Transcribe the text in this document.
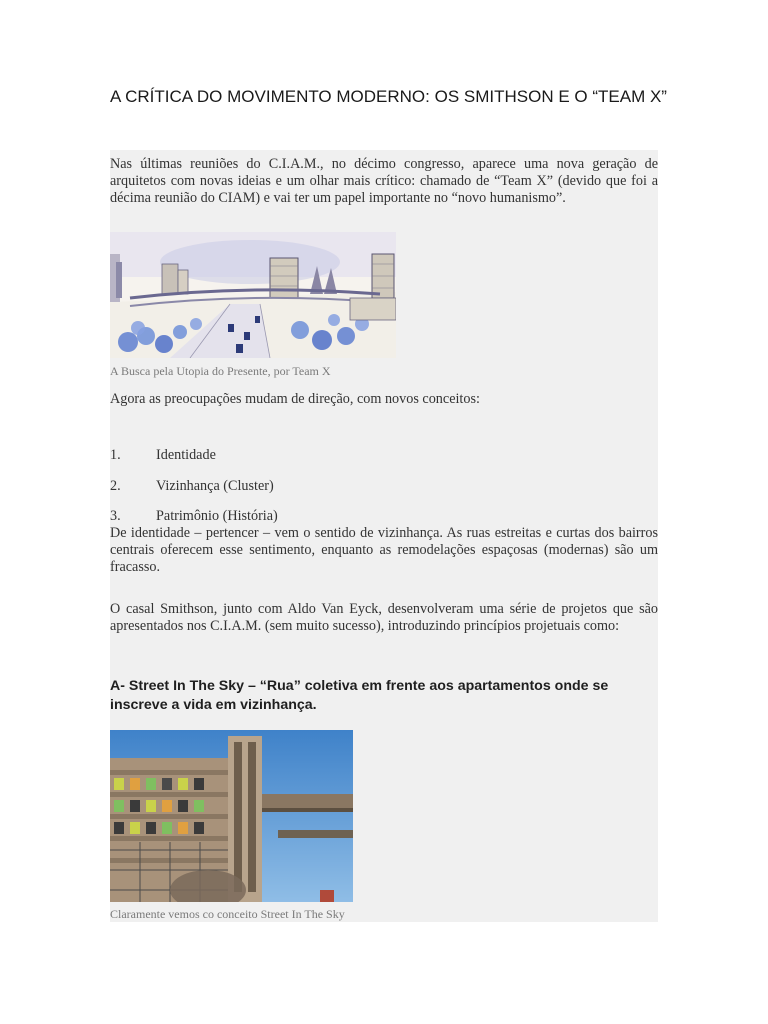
A CRÍTICA DO MOVIMENTO MODERNO: OS SMITHSON E O “TEAM X”

Nas últimas reuniões do C.I.A.M., no décimo congresso, aparece uma nova geração de arquitetos com novas ideias e um olhar mais crítico: chamado de “Team X” (devido que foi a décima reunião do CIAM) e vai ter um papel importante no “novo humanismo”.

A Busca pela Utopia do Presente, por Team X

Agora as preocupações mudam de direção, com novos conceitos:

1. Identidade
2. Vizinhança (Cluster)
3. Patrimônio (História)

De identidade – pertencer – vem o sentido de vizinhança. As ruas estreitas e curtas dos bairros centrais oferecem esse sentimento, enquanto as remodelações espaçosas (modernas) são um fracasso.

O casal Smithson, junto com Aldo Van Eyck, desenvolveram uma série de projetos que são apresentados nos C.I.A.M. (sem muito sucesso), introduzindo princípios projetuais como:

A- Street In The Sky – “Rua” coletiva em frente aos apartamentos onde se inscreve a vida em vizinhança.

Claramente vemos co conceito Street In The Sky
